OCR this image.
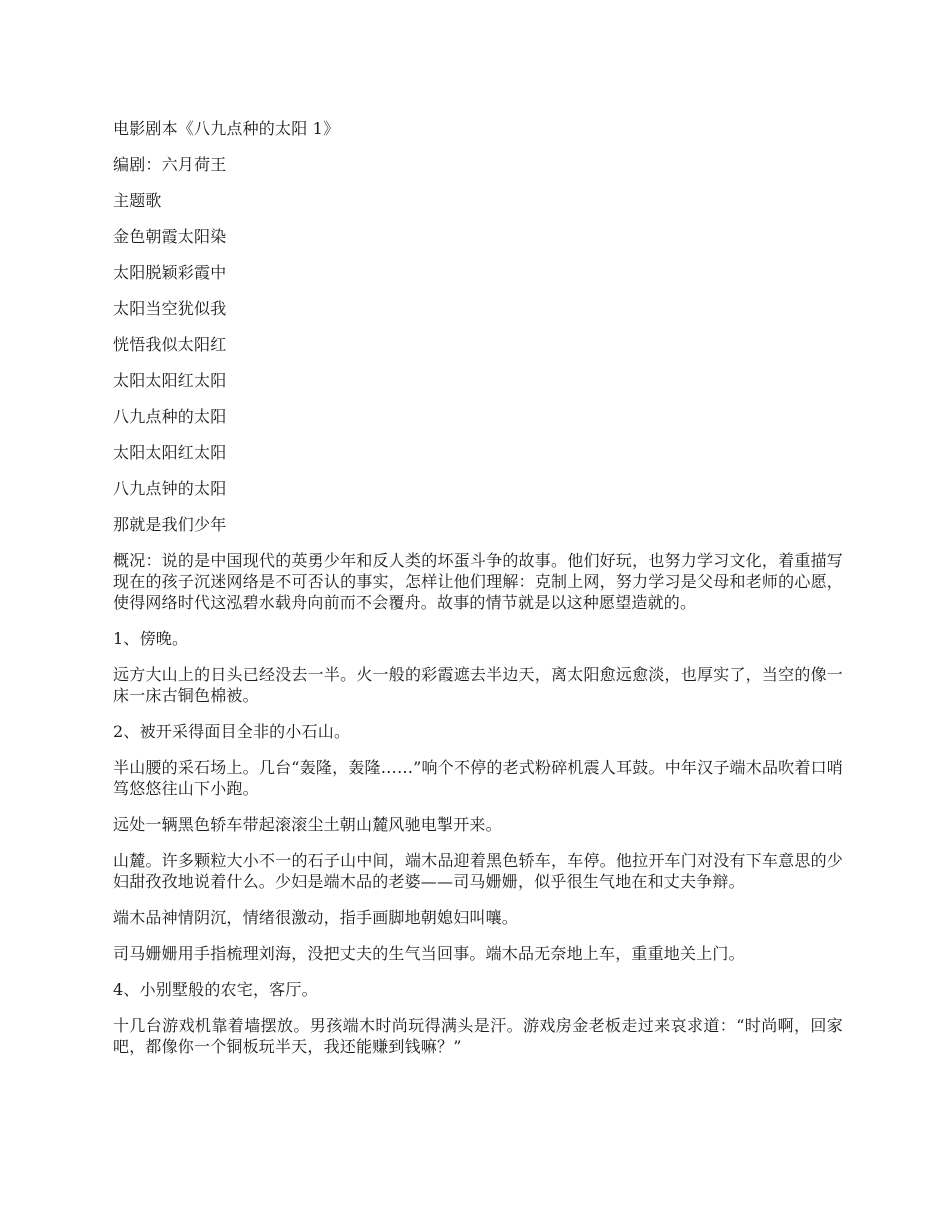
电影剧本《八九点种的太阳 1》
编剧：六月荷王
主题歌
金色朝霞太阳染
太阳脱颖彩霞中
太阳当空犹似我
恍悟我似太阳红
太阳太阳红太阳
八九点种的太阳
太阳太阳红太阳
八九点钟的太阳
那就是我们少年
概况：说的是中国现代的英勇少年和反人类的坏蛋斗争的故事。他们好玩，也努力学习文化，着重描写现在的孩子沉迷网络是不可否认的事实，怎样让他们理解：克制上网，努力学习是父母和老师的心愿，使得网络时代这泓碧水载舟向前而不会覆舟。故事的情节就是以这种愿望造就的。
1、傍晚。
远方大山上的日头已经没去一半。火一般的彩霞遮去半边天，离太阳愈远愈淡，也厚实了，当空的像一床一床古铜色棉被。
2、被开采得面目全非的小石山。
半山腰的采石场上。几台“轰隆，轰隆……”响个不停的老式粉碎机震人耳鼓。中年汉子端木品吹着口哨笃悠悠往山下小跑。
远处一辆黑色轿车带起滚滚尘土朝山麓风驰电掣开来。
山麓。许多颗粒大小不一的石子山中间，端木品迎着黑色轿车，车停。他拉开车门对没有下车意思的少妇甜孜孜地说着什么。少妇是端木品的老婆——司马姗姗，似乎很生气地在和丈夫争辩。
端木品神情阴沉，情绪很激动，指手画脚地朝媳妇叫嚷。
司马姗姗用手指梳理刘海，没把丈夫的生气当回事。端木品无奈地上车，重重地关上门。
4、小别墅般的农宅，客厅。
十几台游戏机靠着墙摆放。男孩端木时尚玩得满头是汗。游戏房金老板走过来哀求道：“时尚啊，回家吧，都像你一个铜板玩半天，我还能赚到钱嘛？”
